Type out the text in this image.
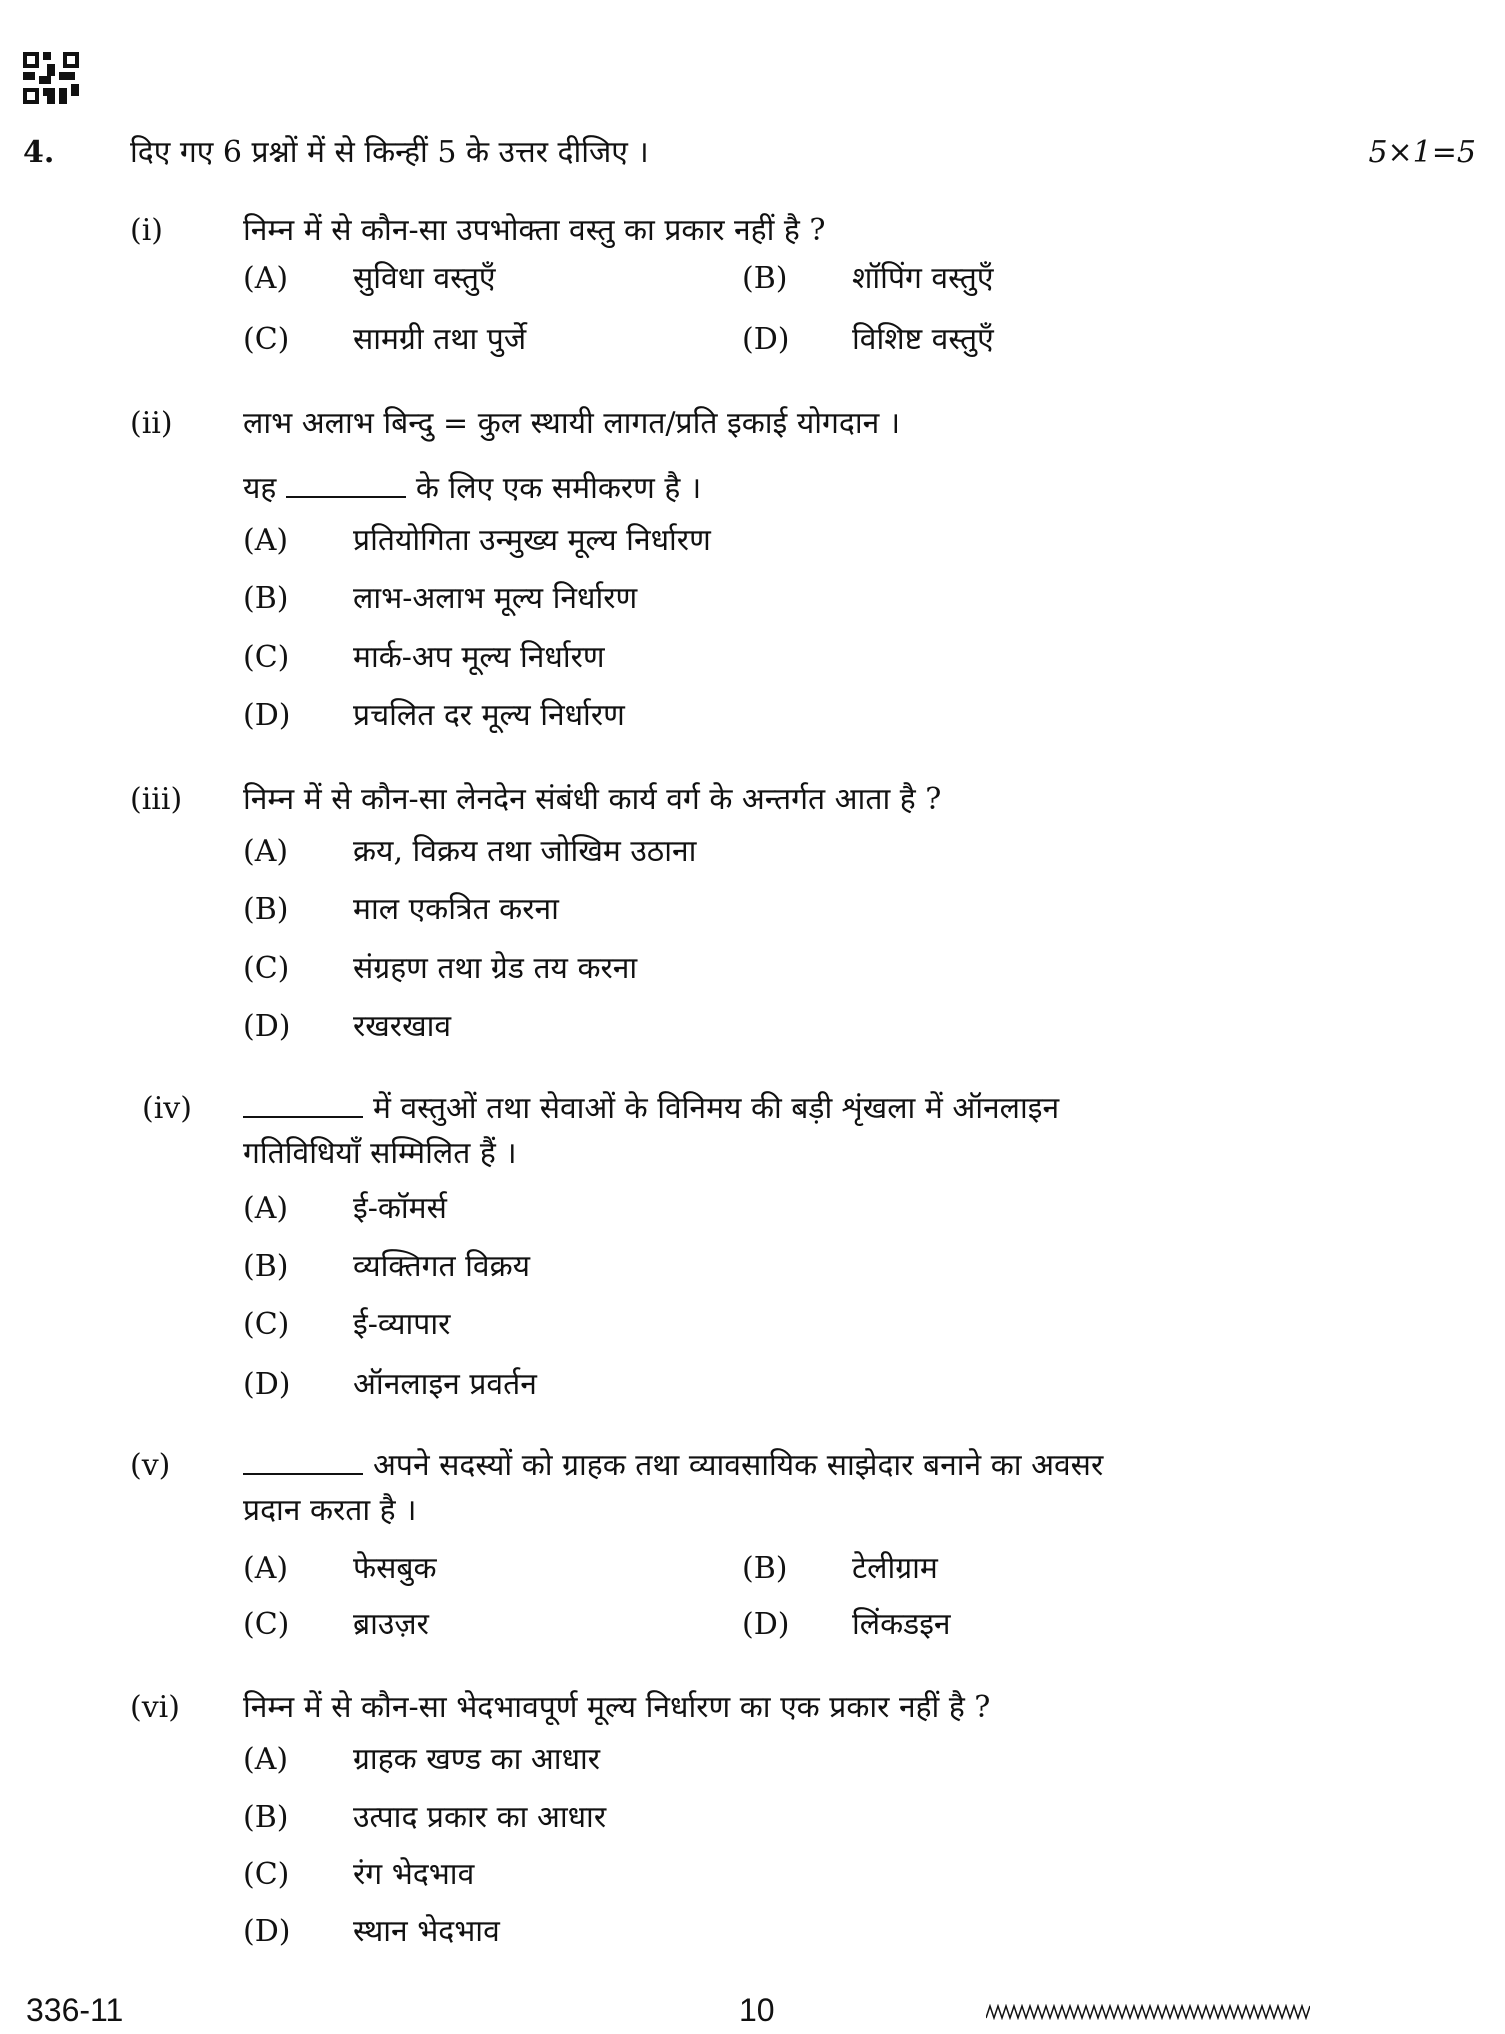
4.	दिए गए 6 प्रश्नों में से किन्हीं 5 के उत्तर दीजिए ।	5×1=5
(i)	निम्न में से कौन-सा उपभोक्ता वस्तु का प्रकार नहीं है ?
(A) सुविधा वस्तुएँ	(B) शॉपिंग वस्तुएँ
(C) सामग्री तथा पुर्जे	(D) विशिष्ट वस्तुएँ
(ii) लाभ अलाभ बिन्दु = कुल स्थायी लागत/प्रति इकाई योगदान ।
यह	के लिए एक समीकरण है ।
(A) प्रतियोगिता उन्मुख्य मूल्य निर्धारण
(B) लाभ-अलाभ मूल्य निर्धारण
(C) मार्क-अप मूल्य निर्धारण
(D) प्रचलित दर मूल्य निर्धारण
(iii) निम्न में से कौन-सा लेनदेन संबंधी कार्य वर्ग के अन्तर्गत आता है ?
(A) क्रय, विक्रय तथा जोखिम उठाना
(B) माल एकत्रित करना
(C) संग्रहण तथा ग्रेड तय करना
(D) रखरखाव
(iv)	में वस्तुओं तथा सेवाओं के विनिमय की बड़ी शृंखला में ऑनलाइन
गतिविधियाँ सम्मिलित हैं ।
(A) ई-कॉमर्स
(B) व्यक्तिगत विक्रय
(C) ई-व्यापार
(D) ऑनलाइन प्रवर्तन
(v)	अपने सदस्यों को ग्राहक तथा व्यावसायिक साझेदार बनाने का अवसर
प्रदान करता है ।
(A) फेसबुक	(B) टेलीग्राम
(C) ब्राउज़र	(D) लिंकडइन
(vi) निम्न में से कौन-सा भेदभावपूर्ण मूल्य निर्धारण का एक प्रकार नहीं है ?
(A) ग्राहक खण्ड का आधार
(B) उत्पाद प्रकार का आधार
(C) रंग भेदभाव
(D) स्थान भेदभाव
336-11	10
